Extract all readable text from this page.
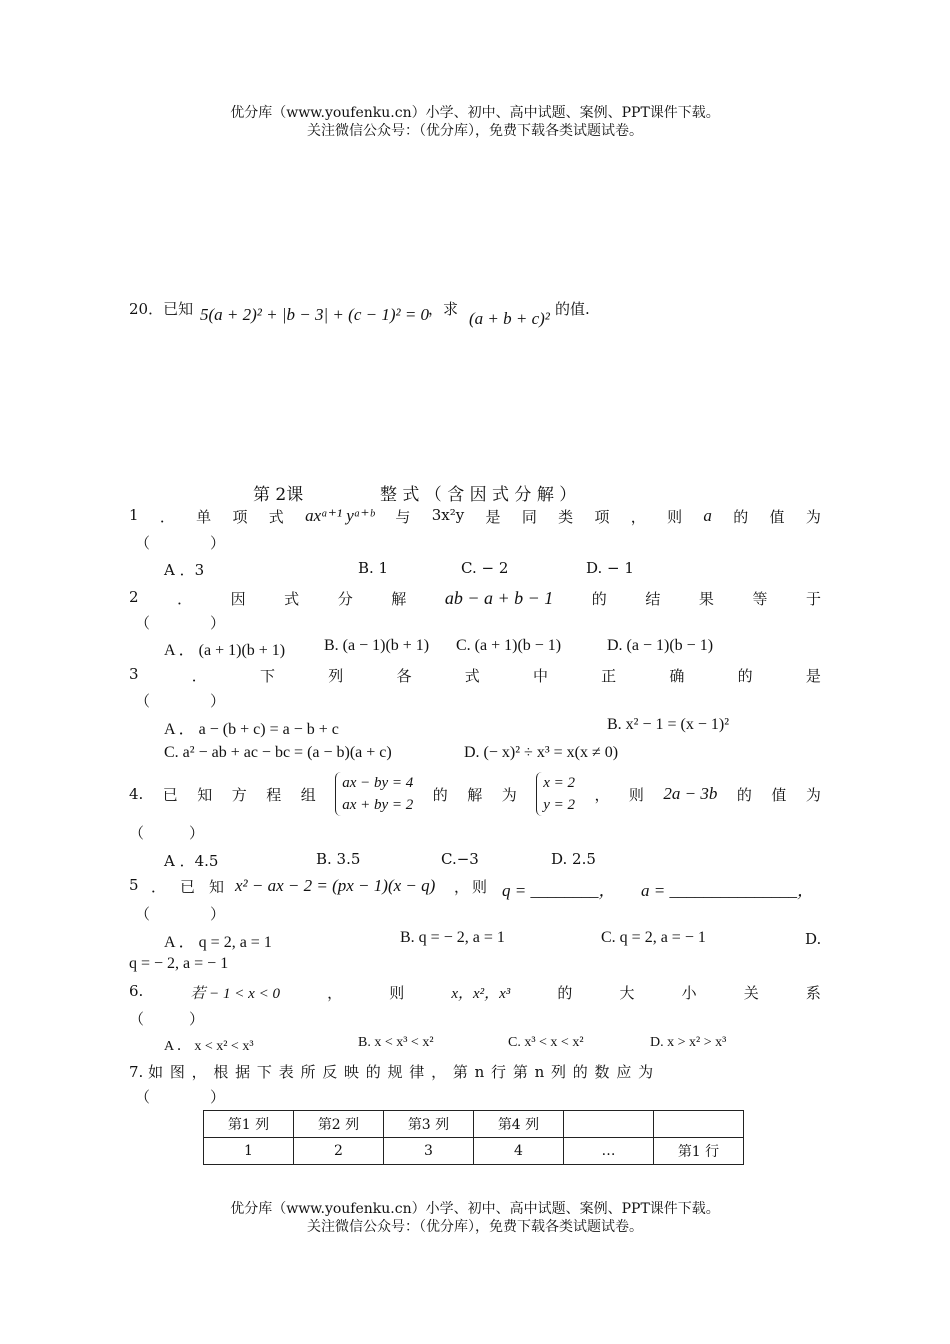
优分库（www.youfenku.cn）小学、初中、高中试题、案例、PPT课件下载。
关注微信公众号：（优分库），免费下载各类试题试卷。
20．已知 5(a + 2)² + |b − 3| + (c − 1)² = 0
，求 (a + b + c)² 的值.
第 2课	整 式 （ 含 因 式 分 解 ）
1 ． 单 项 式 axᵃ⁺¹ yᵃ⁺ᵇ 与 3x²y 是 同 类 项 ， 则 a 的 值 为
（　　　　）
A ．3	B. 1	C. − 2	D. − 1
2	．	因	式	分	解 ab − a + b − 1	的	结	果	等	于
（　　　　）
A ． (a + 1)(b + 1) B. (a − 1)(b + 1) C. (a + 1)(b − 1)	D. (a − 1)(b − 1)
3	．	下	列	各	式	中	正	确	的	是
（　　　　）
A ． a − (b + c) = a − b + c	B. x² − 1 = (x − 1)²
C. a² − ab + ac − bc = (a − b)(a + c)	D. (− x)² ÷ x³ = x(x ≠ 0)
4. 已 知 方 程 组
ax − by = 4
ax + by = 2
的 解 为
x = 2
y = 2
， 则 2a − 3b 的 值 为
（　　　）
A ．4.5	B. 3.5	C.−3	D. 2.5
5 ． 已 知 x² − ax − 2 = (px − 1)(x − q) ， 则 q = ________， a = _______________，
（　　　　）
A ． q = 2, a = 1	B. q = − 2, a = 1	C. q = 2, a = − 1	D.
q = − 2, a = − 1
6.	若 − 1 < x < 0	，	则	x，x²，x³	的	大	小	关	系
（　　　）
A ． x < x² < x³	B. x < x³ < x²	C. x³ < x < x²	D. x > x² > x³
7. 如 图 ， 根 据 下 表 所 反 映 的 规 律 ， 第 n 行 第 n 列 的 数 应 为
（　　　　）
第1 列	第2 列	第3 列	第4 列		
1	2	3	4	…	第1 行
优分库（www.youfenku.cn）小学、初中、高中试题、案例、PPT课件下载。
关注微信公众号：（优分库），免费下载各类试题试卷。
